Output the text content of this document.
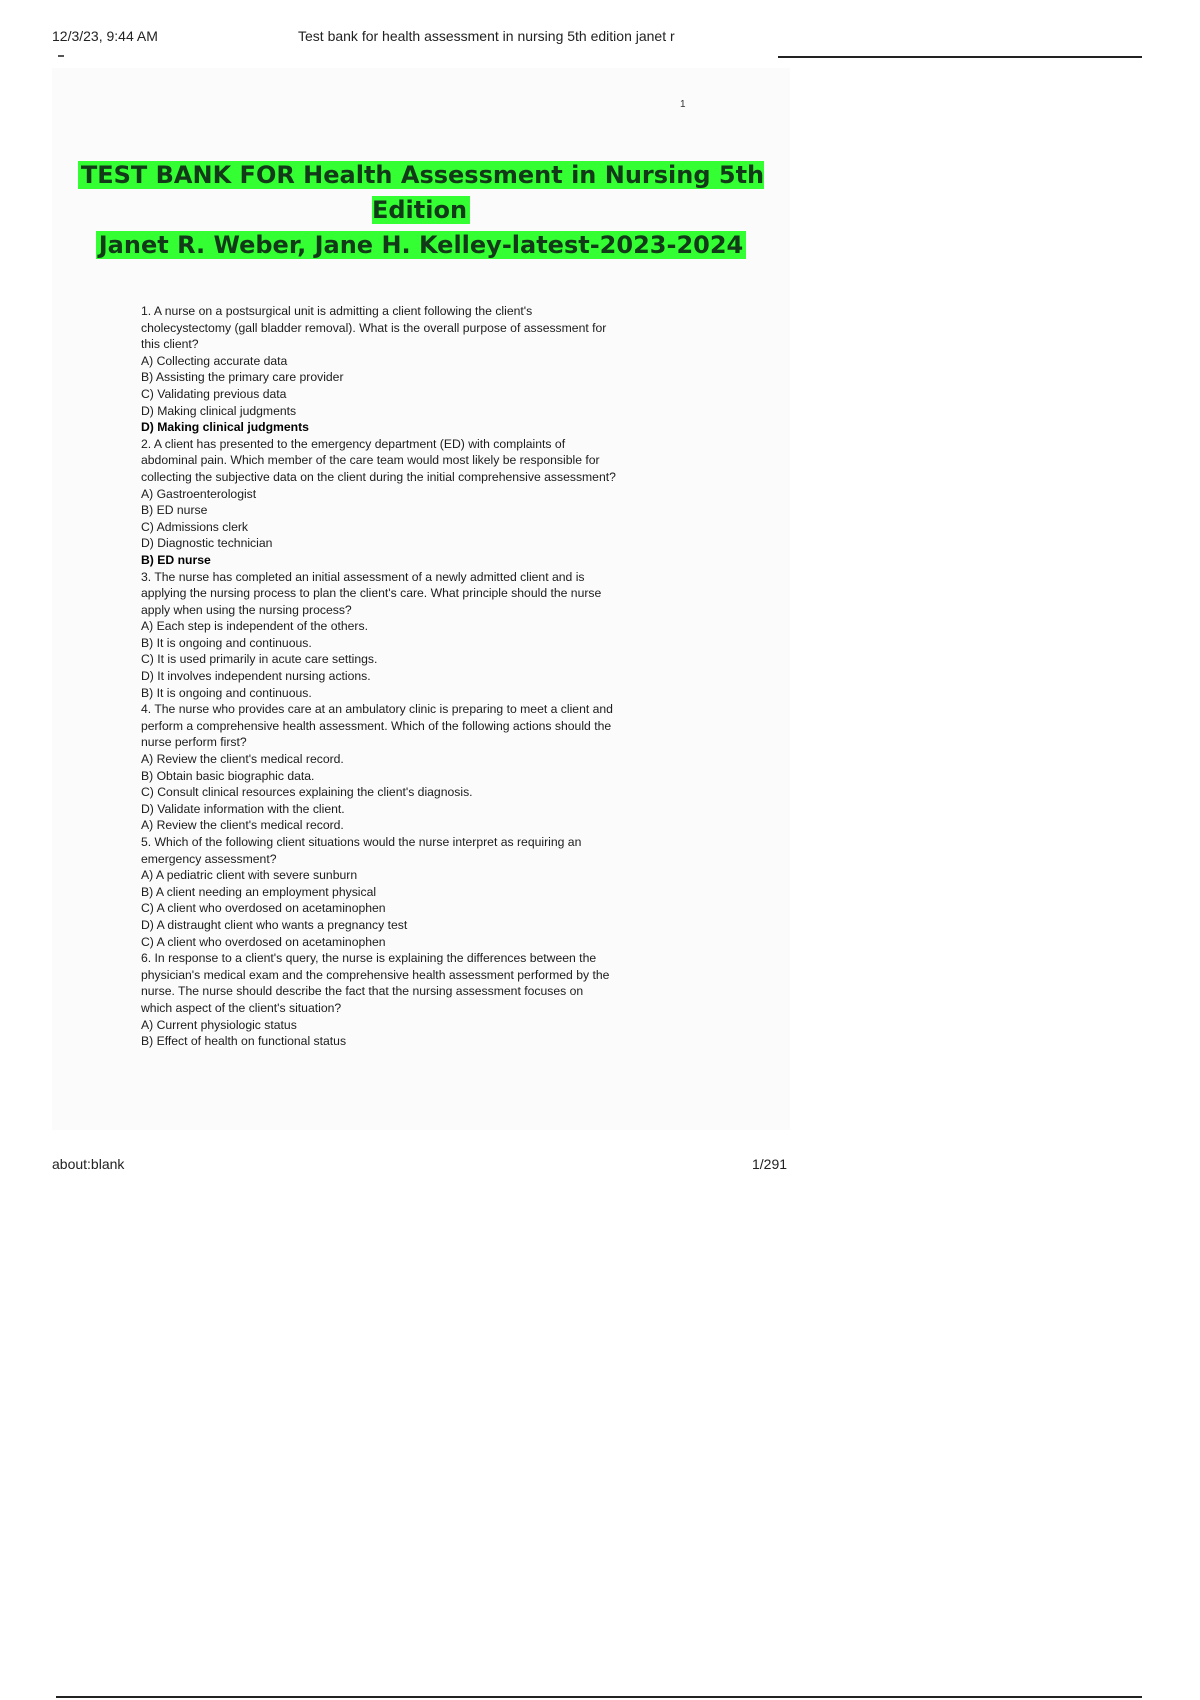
12/3/23, 9:44 AM	Test bank for health assessment in nursing 5th edition janet r
1
TEST BANK FOR Health Assessment in Nursing 5th Edition
Janet R. Weber, Jane H. Kelley-latest-2023-2024
1. A nurse on a postsurgical unit is admitting a client following the client's
cholecystectomy (gall bladder removal). What is the overall purpose of assessment for
this client?
A) Collecting accurate data
B) Assisting the primary care provider
C) Validating previous data
D) Making clinical judgments
D) Making clinical judgments
2. A client has presented to the emergency department (ED) with complaints of
abdominal pain. Which member of the care team would most likely be responsible for
collecting the subjective data on the client during the initial comprehensive assessment?
A) Gastroenterologist
B) ED nurse
C) Admissions clerk
D) Diagnostic technician
B) ED nurse
3. The nurse has completed an initial assessment of a newly admitted client and is
applying the nursing process to plan the client's care. What principle should the nurse
apply when using the nursing process?
A) Each step is independent of the others.
B) It is ongoing and continuous.
C) It is used primarily in acute care settings.
D) It involves independent nursing actions.
B) It is ongoing and continuous.
4. The nurse who provides care at an ambulatory clinic is preparing to meet a client and
perform a comprehensive health assessment. Which of the following actions should the
nurse perform first?
A) Review the client's medical record.
B) Obtain basic biographic data.
C) Consult clinical resources explaining the client's diagnosis.
D) Validate information with the client.
A) Review the client's medical record.
5. Which of the following client situations would the nurse interpret as requiring an
emergency assessment?
A) A pediatric client with severe sunburn
B) A client needing an employment physical
C) A client who overdosed on acetaminophen
D) A distraught client who wants a pregnancy test
C) A client who overdosed on acetaminophen
6. In response to a client's query, the nurse is explaining the differences between the
physician's medical exam and the comprehensive health assessment performed by the
nurse. The nurse should describe the fact that the nursing assessment focuses on
which aspect of the client's situation?
A) Current physiologic status
B) Effect of health on functional status
about:blank	1/291
